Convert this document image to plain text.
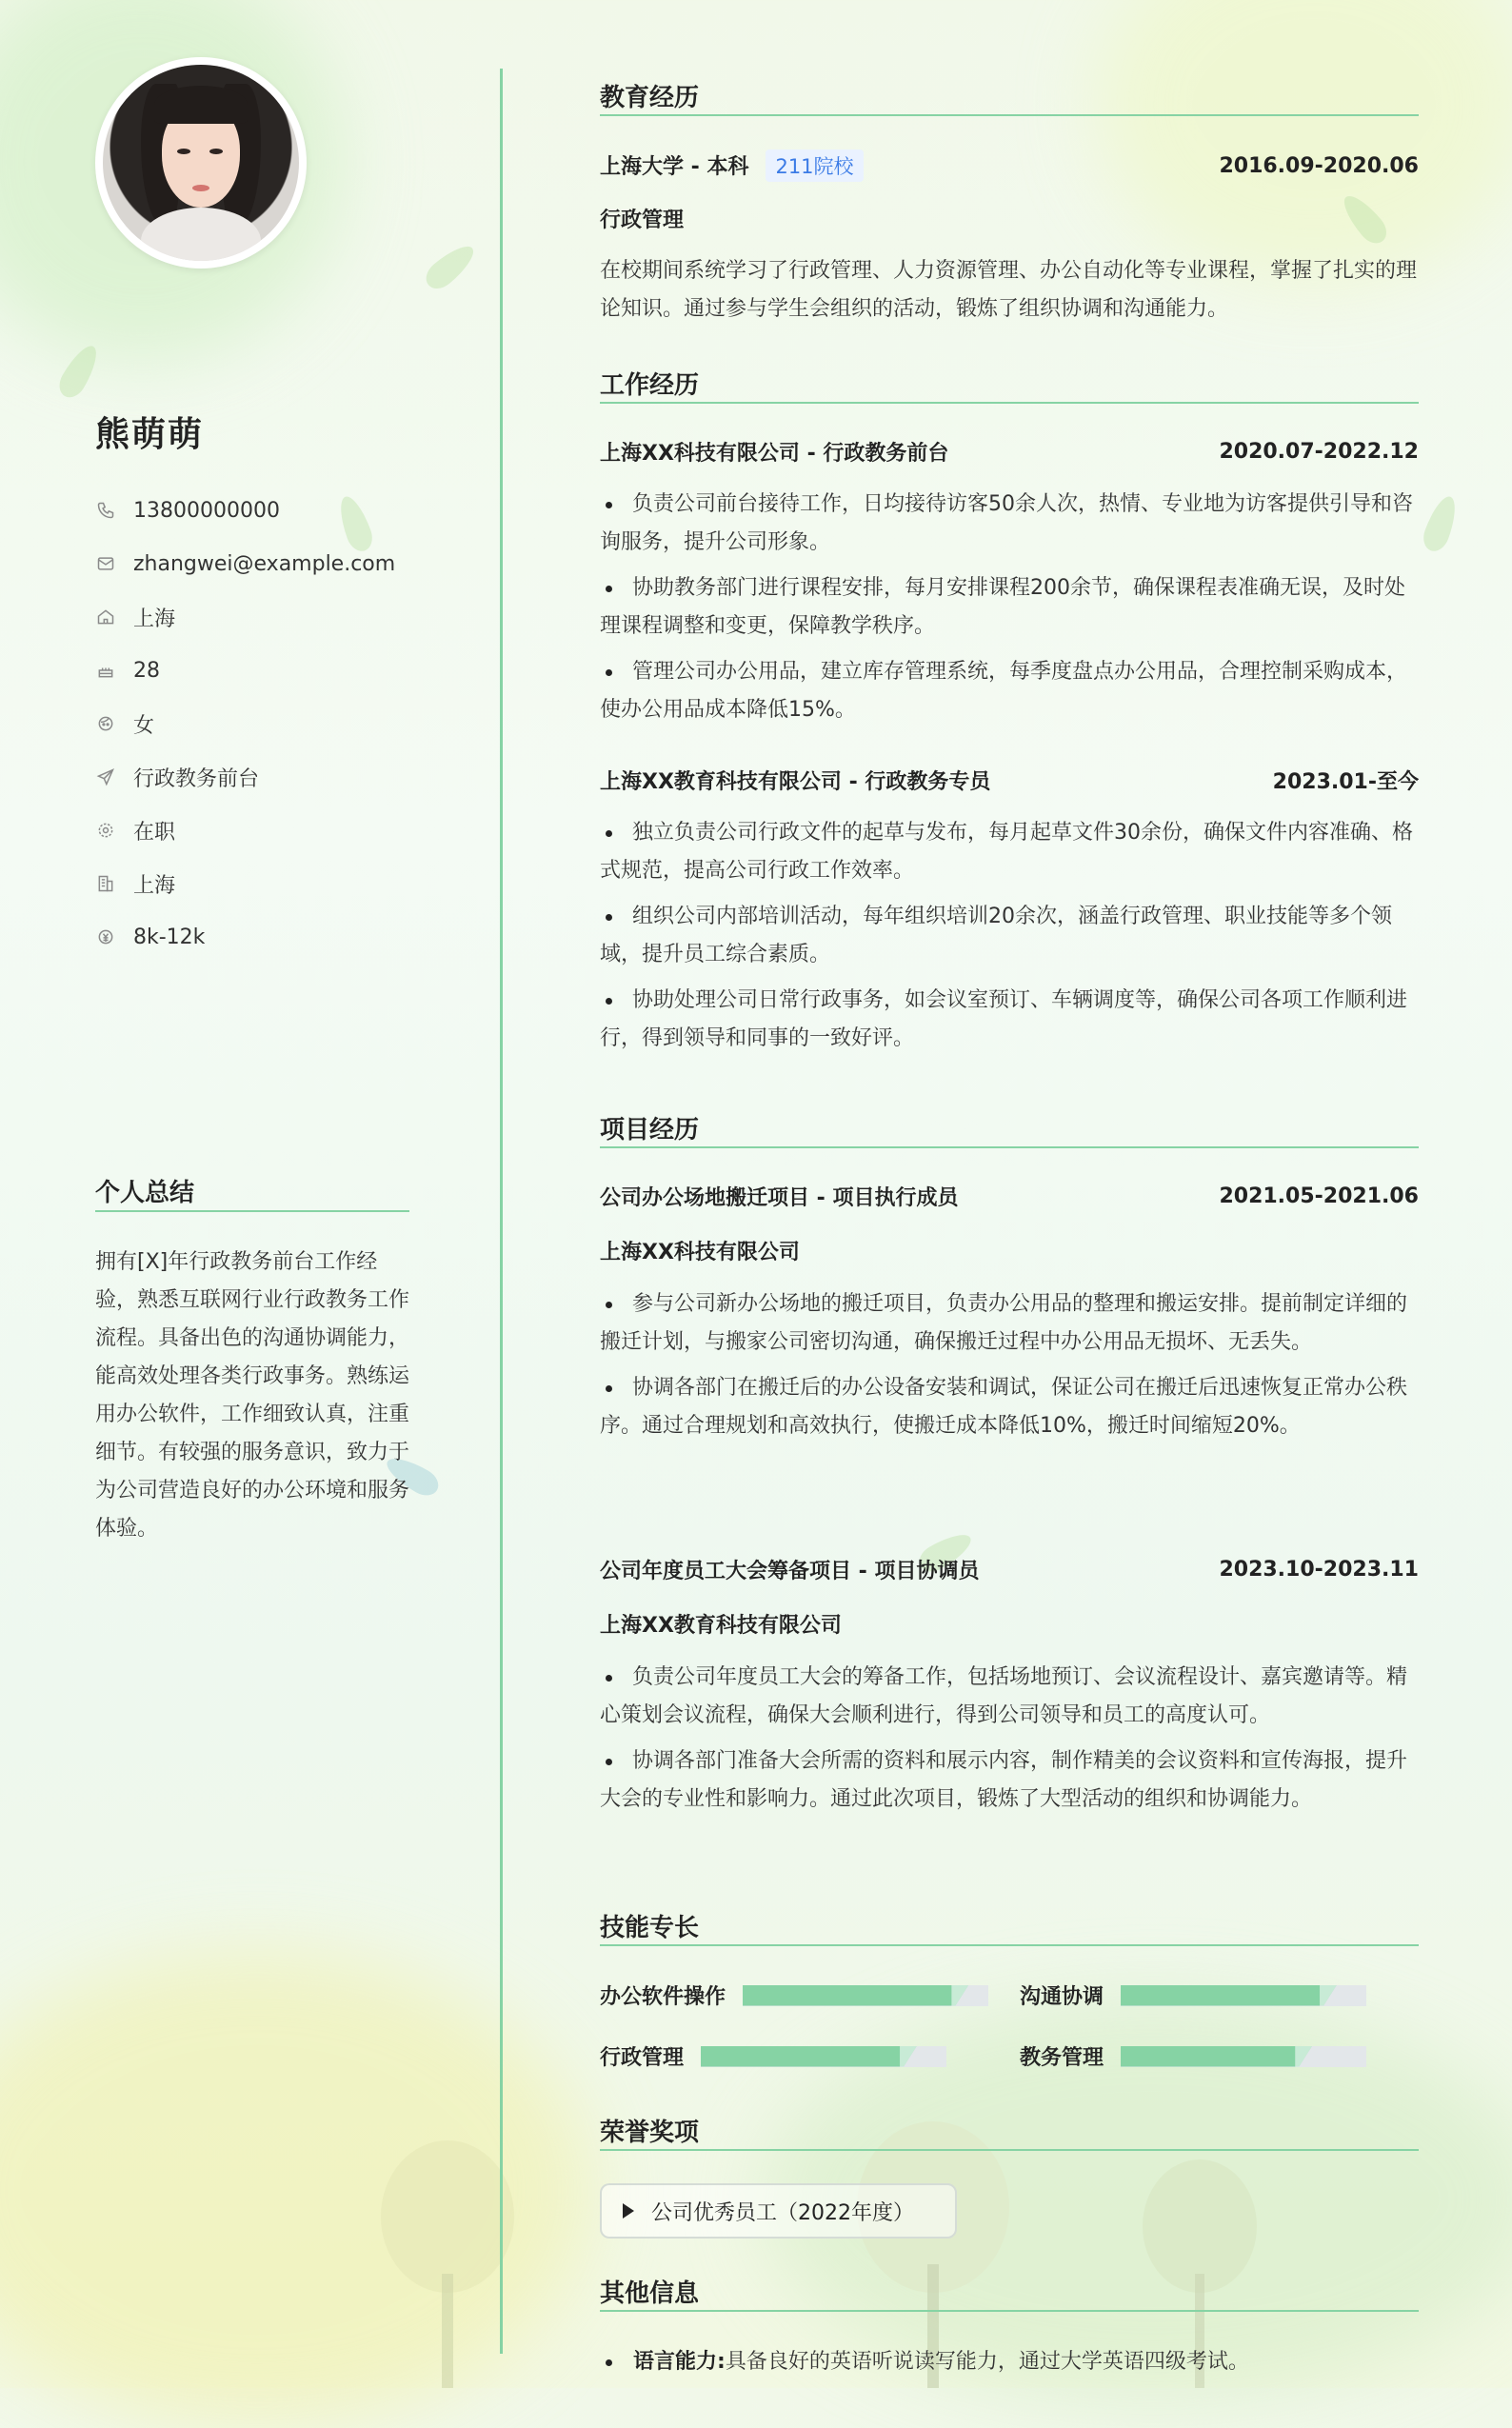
熊萌萌
13800000000
zhangwei@example.com
上海
28
女
行政教务前台
在职
上海
8k-12k
个人总结
拥有[X]年行政教务前台工作经验，熟悉互联网行业行政教务工作流程。具备出色的沟通协调能力，能高效处理各类行政事务。熟练运用办公软件，工作细致认真，注重细节。有较强的服务意识，致力于为公司营造良好的办公环境和服务体验。
教育经历
上海大学 - 本科 211院校	2016.09-2020.06
行政管理
在校期间系统学习了行政管理、人力资源管理、办公自动化等专业课程，掌握了扎实的理论知识。通过参与学生会组织的活动，锻炼了组织协调和沟通能力。
工作经历
上海XX科技有限公司 - 行政教务前台	2020.07-2022.12
负责公司前台接待工作，日均接待访客50余人次，热情、专业地为访客提供引导和咨询服务，提升公司形象。
协助教务部门进行课程安排，每月安排课程200余节，确保课程表准确无误，及时处理课程调整和变更，保障教学秩序。
管理公司办公用品，建立库存管理系统，每季度盘点办公用品，合理控制采购成本，使办公用品成本降低15%。
上海XX教育科技有限公司 - 行政教务专员	2023.01-至今
独立负责公司行政文件的起草与发布，每月起草文件30余份，确保文件内容准确、格式规范，提高公司行政工作效率。
组织公司内部培训活动，每年组织培训20余次，涵盖行政管理、职业技能等多个领域，提升员工综合素质。
协助处理公司日常行政事务，如会议室预订、车辆调度等，确保公司各项工作顺利进行，得到领导和同事的一致好评。
项目经历
公司办公场地搬迁项目 - 项目执行成员	2021.05-2021.06
上海XX科技有限公司
参与公司新办公场地的搬迁项目，负责办公用品的整理和搬运安排。提前制定详细的搬迁计划，与搬家公司密切沟通，确保搬迁过程中办公用品无损坏、无丢失。
协调各部门在搬迁后的办公设备安装和调试，保证公司在搬迁后迅速恢复正常办公秩序。通过合理规划和高效执行，使搬迁成本降低10%，搬迁时间缩短20%。
公司年度员工大会筹备项目 - 项目协调员	2023.10-2023.11
上海XX教育科技有限公司
负责公司年度员工大会的筹备工作，包括场地预订、会议流程设计、嘉宾邀请等。精心策划会议流程，确保大会顺利进行，得到公司领导和员工的高度认可。
协调各部门准备大会所需的资料和展示内容，制作精美的会议资料和宣传海报，提升大会的专业性和影响力。通过此次项目，锻炼了大型活动的组织和协调能力。
技能专长
办公软件操作	沟通协调
行政管理	教务管理
荣誉奖项
公司优秀员工（2022年度）
其他信息
语言能力:具备良好的英语听说读写能力，通过大学英语四级考试。
